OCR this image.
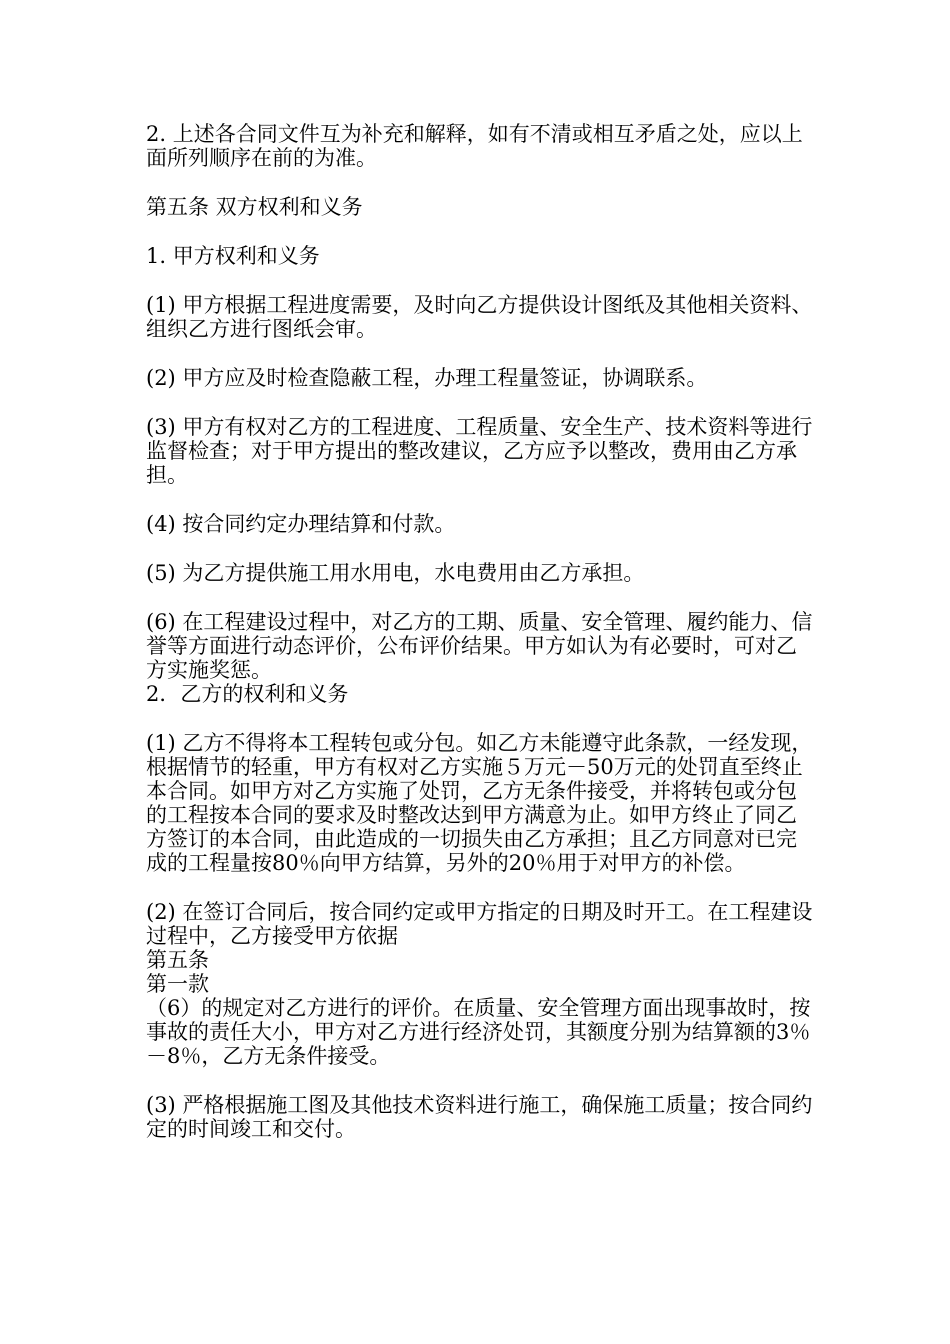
2. 上述各合同文件互为补充和解释，如有不清或相互矛盾之处，应以上面所列顺序在前的为准。
第五条 双方权利和义务
1. 甲方权利和义务
(1) 甲方根据工程进度需要，及时向乙方提供设计图纸及其他相关资料、组织乙方进行图纸会审。
(2) 甲方应及时检查隐蔽工程，办理工程量签证，协调联系。
(3) 甲方有权对乙方的工程进度、工程质量、安全生产、技术资料等进行监督检查；对于甲方提出的整改建议，乙方应予以整改，费用由乙方承担。
(4) 按合同约定办理结算和付款。
(5) 为乙方提供施工用水用电，水电费用由乙方承担。
(6) 在工程建设过程中，对乙方的工期、质量、安全管理、履约能力、信誉等方面进行动态评价，公布评价结果。甲方如认为有必要时，可对乙方实施奖惩。
2．乙方的权利和义务
(1) 乙方不得将本工程转包或分包。如乙方未能遵守此条款，一经发现，根据情节的轻重，甲方有权对乙方实施５万元－50万元的处罚直至终止本合同。如甲方对乙方实施了处罚，乙方无条件接受，并将转包或分包的工程按本合同的要求及时整改达到甲方满意为止。如甲方终止了同乙方签订的本合同，由此造成的一切损失由乙方承担；且乙方同意对已完成的工程量按80％向甲方结算，另外的20％用于对甲方的补偿。
(2) 在签订合同后，按合同约定或甲方指定的日期及时开工。在工程建设过程中，乙方接受甲方依据
第五条
第一款
（6）的规定对乙方进行的评价。在质量、安全管理方面出现事故时，按事故的责任大小，甲方对乙方进行经济处罚，其额度分别为结算额的3％－8％，乙方无条件接受。
(3) 严格根据施工图及其他技术资料进行施工，确保施工质量；按合同约定的时间竣工和交付。
